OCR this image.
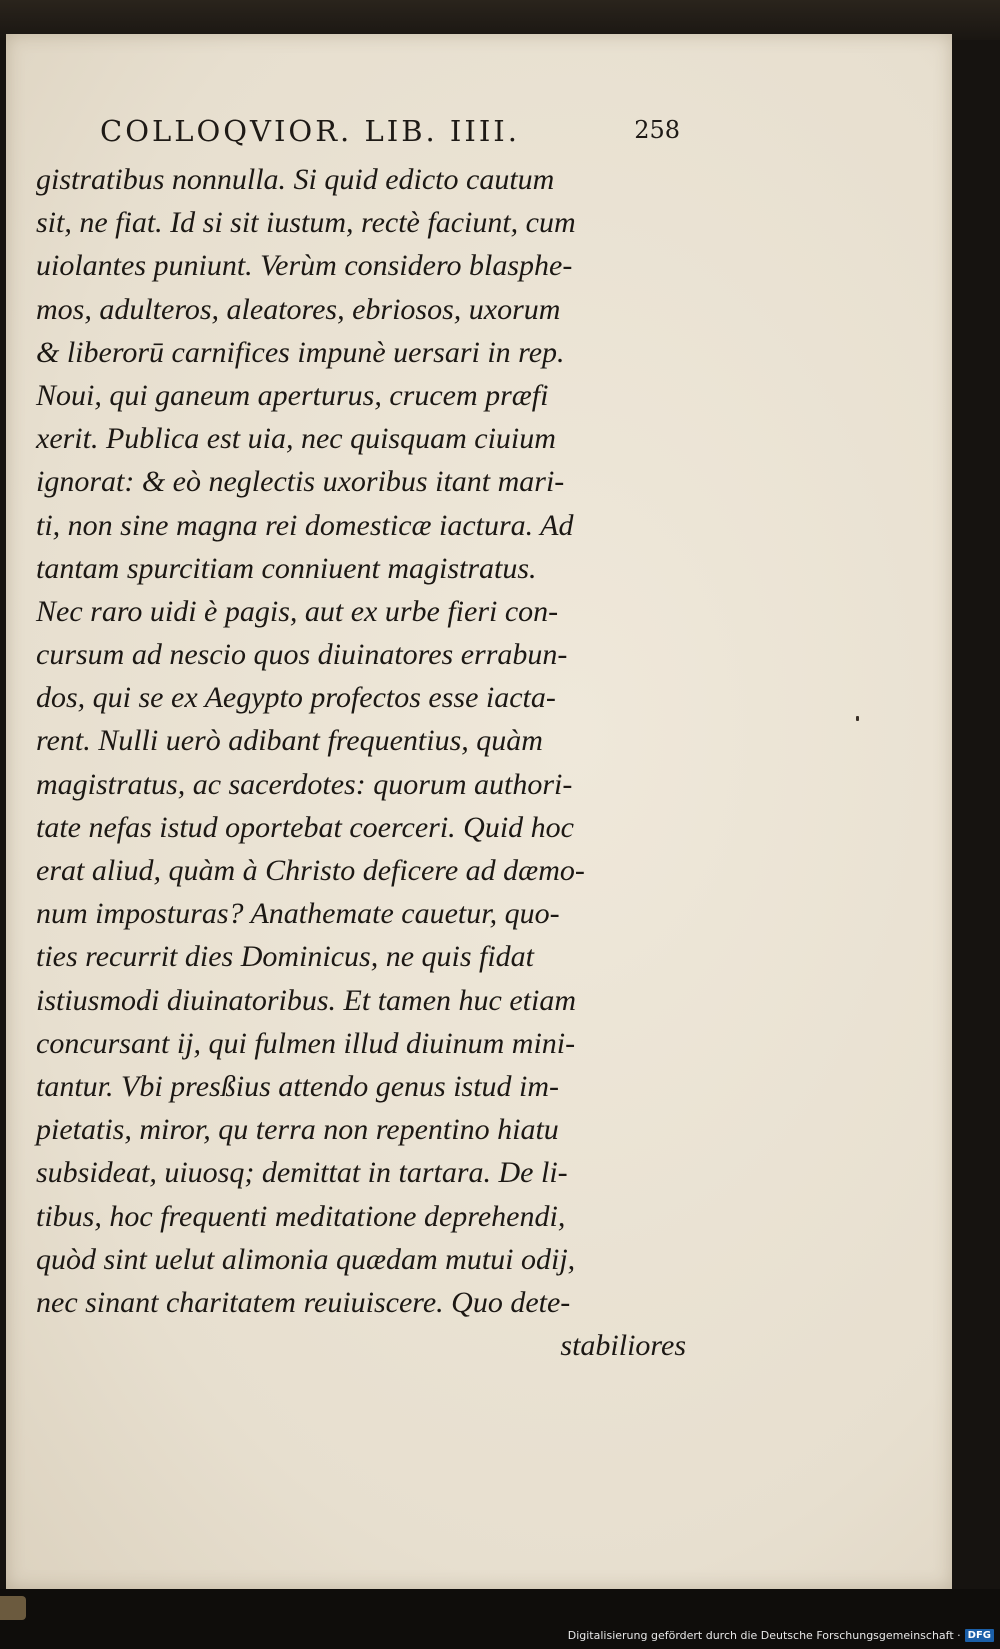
COLLOQVIOR. LIB. IIII.	258
gistratibus nonnulla. Si quid edicto cautum
sit, ne fiat. Id si sit iustum, rectè faciunt, cum
uiolantes puniunt. Verùm considero blasphe-
mos, adulteros, aleatores, ebriosos, uxorum
& liberorū carnifices impunè uersari in rep.
Noui, qui ganeum aperturus, crucem præfi
xerit. Publica est uia, nec quisquam ciuium
ignorat: & eò neglectis uxoribus itant mari-
ti, non sine magna rei domesticæ iactura. Ad
tantam spurcitiam conniuent magistratus.
Nec raro uidi è pagis, aut ex urbe fieri con-
cursum ad nescio quos diuinatores errabun-
dos, qui se ex Aegypto profectos esse iacta-
rent. Nulli uerò adibant frequentius, quàm
magistratus, ac sacerdotes: quorum authori-
tate nefas istud oportebat coerceri. Quid hoc
erat aliud, quàm à Christo deficere ad dæmo-
num imposturas? Anathemate cauetur, quo-
ties recurrit dies Dominicus, ne quis fidat
istiusmodi diuinatoribus. Et tamen huc etiam
concursant ij, qui fulmen illud diuinum mini-
tantur. Vbi presßius attendo genus istud im-
pietatis, miror, qu terra non repentino hiatu
subsideat, uiuosq; demittat in tartara. De li-
tibus, hoc frequenti meditatione deprehendi,
quòd sint uelut alimonia quædam mutui odij,
nec sinant charitatem reuiuiscere. Quo dete-
stabiliores
Digitalisierung gefördert durch die Deutsche Forschungsgemeinschaft · DFG
